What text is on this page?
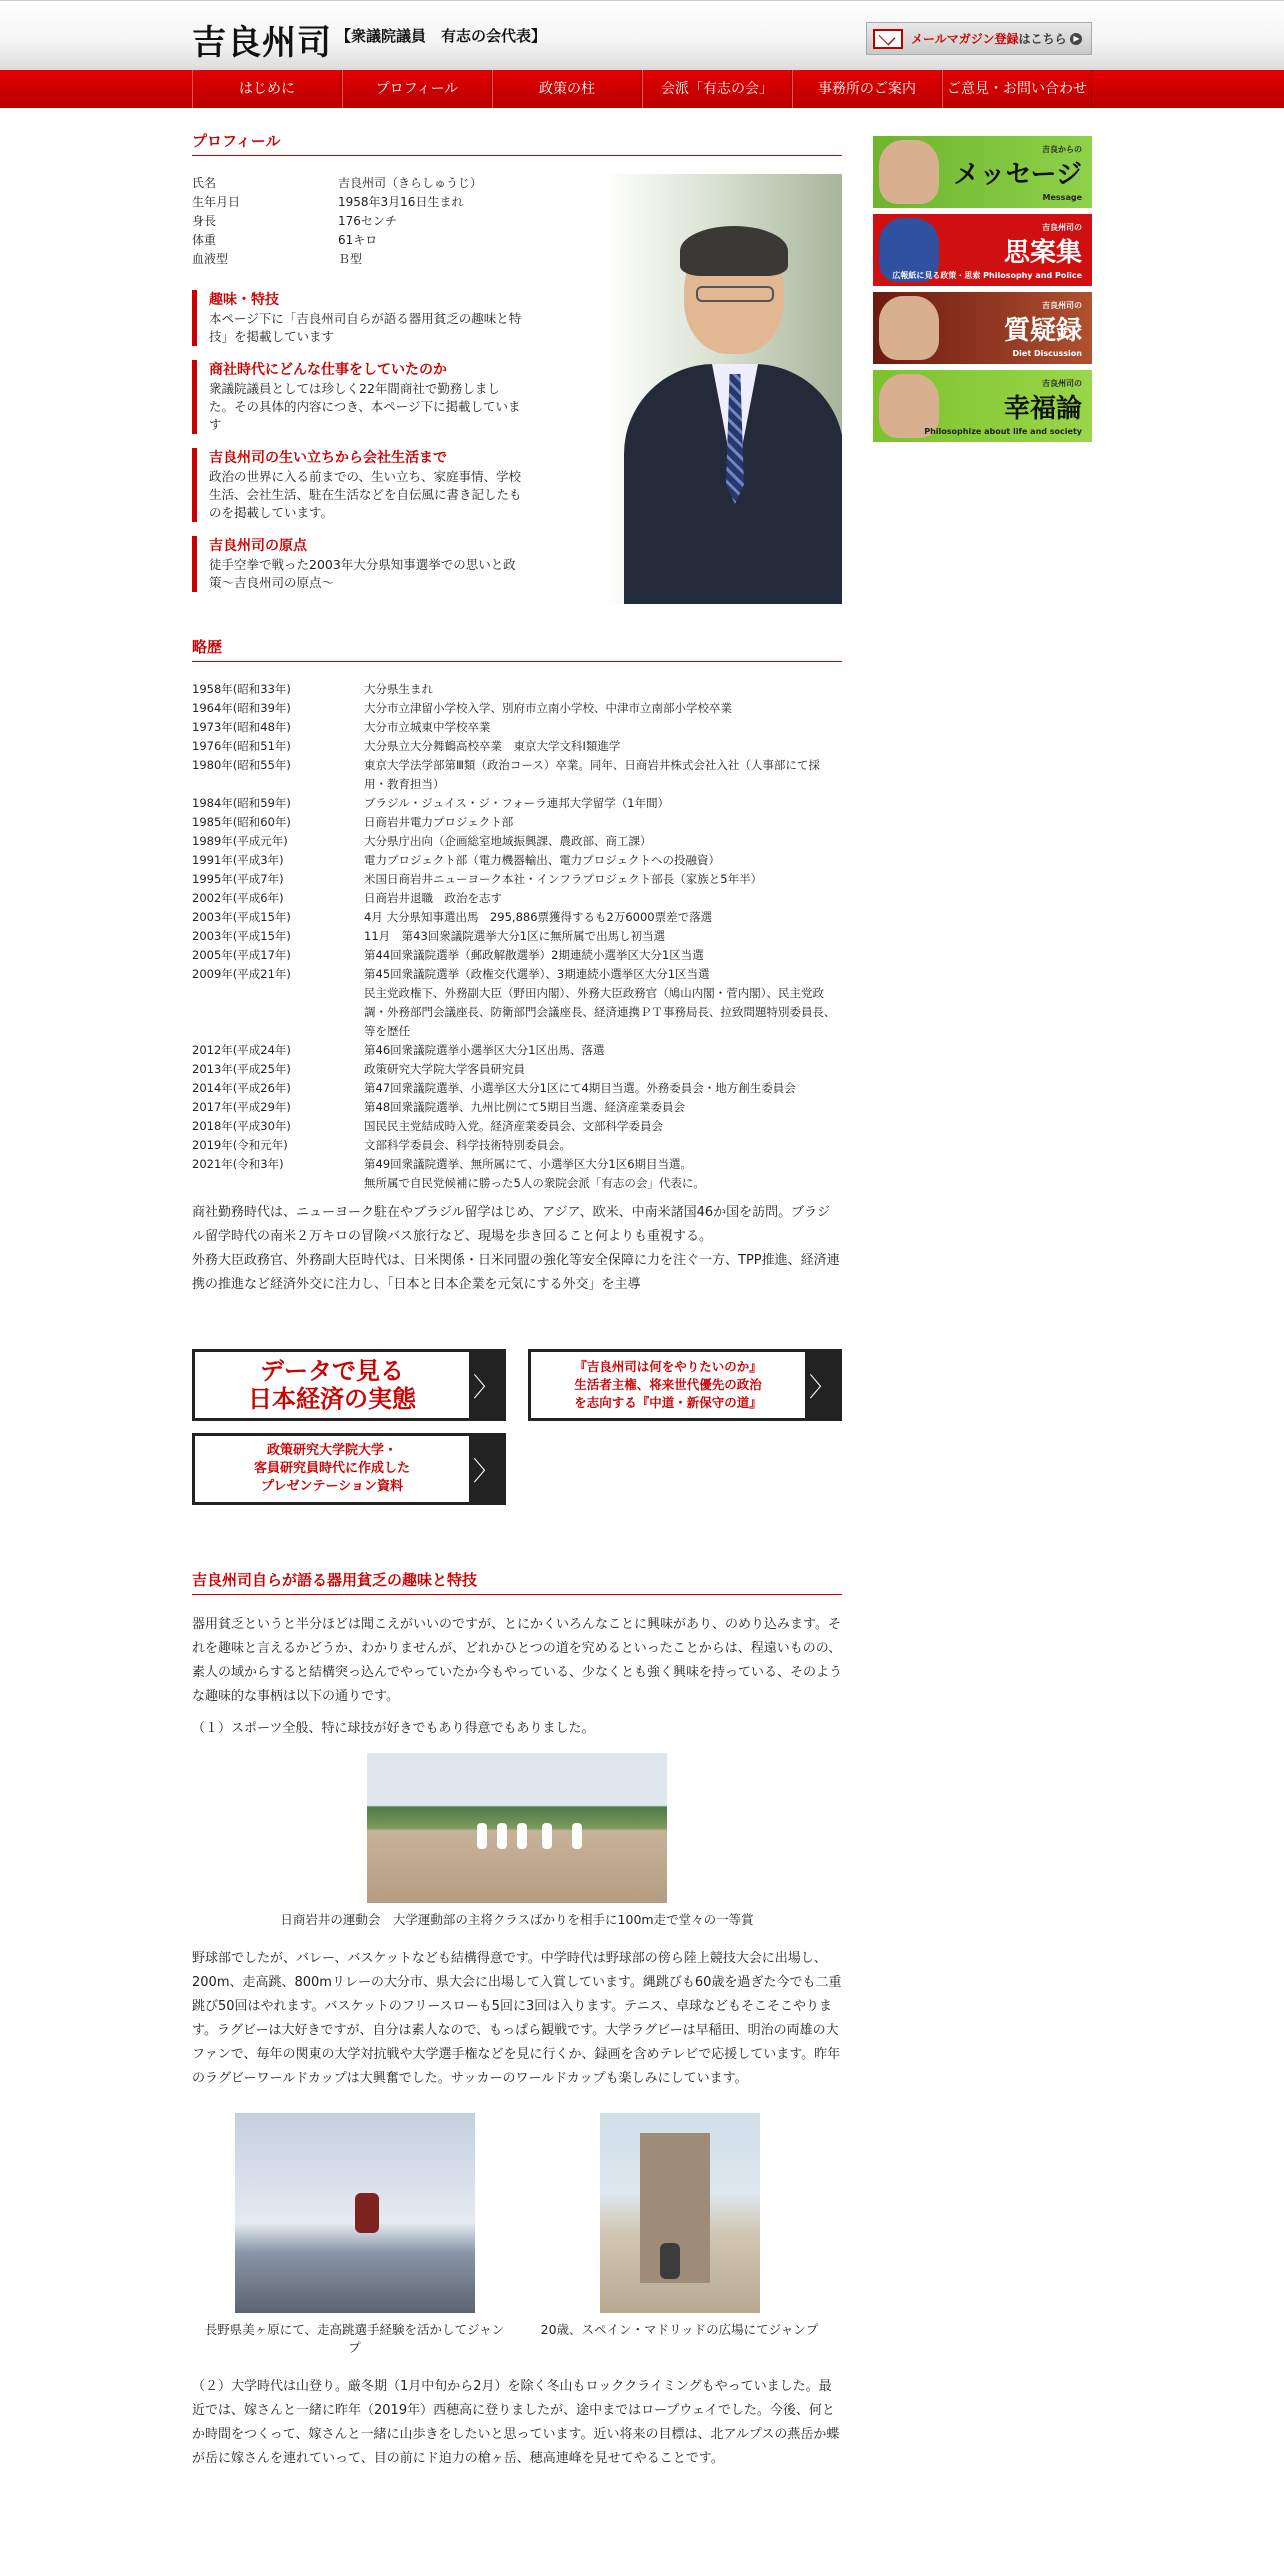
吉良州司 【衆議院議員　有志の会代表】	メールマガジン登録はこちら ▶
はじめに	プロフィール	政策の柱	会派「有志の会」	事務所のご案内	ご意見・お問い合わせ
プロフィール
氏名	吉良州司（きらしゅうじ）
生年月日	1958年3月16日生まれ
身長	176センチ
体重	61キロ
血液型	Ｂ型
趣味・特技
本ページ下に「吉良州司自らが語る器用貧乏の趣味と特技」を掲載しています
商社時代にどんな仕事をしていたのか
衆議院議員としては珍しく22年間商社で勤務しました。その具体的内容につき、本ページ下に掲載しています
吉良州司の生い立ちから会社生活まで
政治の世界に入る前までの、生い立ち、家庭事情、学校生活、会社生活、駐在生活などを自伝風に書き記したものを掲載しています。
吉良州司の原点
徒手空拳で戦った2003年大分県知事選挙での思いと政策～吉良州司の原点～
略歴
1958年(昭和33年)	大分県生まれ
1964年(昭和39年)	大分市立津留小学校入学、別府市立南小学校、中津市立南部小学校卒業
1973年(昭和48年)	大分市立城東中学校卒業
1976年(昭和51年)	大分県立大分舞鶴高校卒業　東京大学文科Ⅰ類進学
1980年(昭和55年)	東京大学法学部第Ⅲ類（政治コース）卒業。同年、日商岩井株式会社入社（人事部にて採用・教育担当）
1984年(昭和59年)	ブラジル・ジュイス・ジ・フォーラ連邦大学留学（1年間）
1985年(昭和60年)	日商岩井電力プロジェクト部
1989年(平成元年)	大分県庁出向（企画総室地域振興課、農政部、商工課）
1991年(平成3年)	電力プロジェクト部（電力機器輸出、電力プロジェクトへの投融資）
1995年(平成7年)	米国日商岩井ニューヨーク本社・インフラプロジェクト部長（家族と5年半）
2002年(平成6年)	日商岩井退職　政治を志す
2003年(平成15年)	4月 大分県知事選出馬　295,886票獲得するも2万6000票差で落選
2003年(平成15年)	11月　第43回衆議院選挙大分1区に無所属で出馬し初当選
2005年(平成17年)	第44回衆議院選挙（郵政解散選挙）2期連続小選挙区大分1区当選
2009年(平成21年)	第45回衆議院選挙（政権交代選挙）、3期連続小選挙区大分1区当選
民主党政権下、外務副大臣（野田内閣）、外務大臣政務官（鳩山内閣・菅内閣）、民主党政調・外務部門会議座長、防衛部門会議座長、経済連携ＰＴ事務局長、拉致問題特別委員長、等を歴任
2012年(平成24年)	第46回衆議院選挙小選挙区大分1区出馬、落選
2013年(平成25年)	政策研究大学院大学客員研究員
2014年(平成26年)	第47回衆議院選挙、小選挙区大分1区にて4期目当選。外務委員会・地方創生委員会
2017年(平成29年)	第48回衆議院選挙、九州比例にて5期目当選、経済産業委員会
2018年(平成30年)	国民民主党結成時入党。経済産業委員会、文部科学委員会
2019年(令和元年)	文部科学委員会、科学技術特別委員会。
2021年(令和3年)	第49回衆議院選挙、無所属にて、小選挙区大分1区6期目当選。
無所属で自民党候補に勝った5人の衆院会派「有志の会」代表に。

商社勤務時代は、ニューヨーク駐在やブラジル留学はじめ、アジア、欧米、中南米諸国46か国を訪問。ブラジル留学時代の南米２万キロの冒険バス旅行など、現場を歩き回ること何よりも重視する。

外務大臣政務官、外務副大臣時代は、日米関係・日米同盟の強化等安全保障に力を注ぐ一方、TPP推進、経済連携の推進など経済外交に注力し、「日本と日本企業を元気にする外交」を主導

データで見る
日本経済の実態	〉
『吉良州司は何をやりたいのか』
生活者主権、将来世代優先の政治
を志向する『中道・新保守の道』	〉
政策研究大学院大学・
客員研究員時代に作成した
プレゼンテーション資料	〉
吉良州司自らが語る器用貧乏の趣味と特技

器用貧乏というと半分ほどは聞こえがいいのですが、とにかくいろんなことに興味があり、のめり込みます。それを趣味と言えるかどうか、わかりませんが、どれかひとつの道を究めるといったことからは、程遠いものの、素人の域からすると結構突っ込んでやっていたか今もやっている、少なくとも強く興味を持っている、そのような趣味的な事柄は以下の通りです。

（１）スポーツ全般、特に球技が好きでもあり得意でもありました。

日商岩井の運動会　大学運動部の主将クラスばかりを相手に100m走で堂々の一等賞

野球部でしたが、バレー、バスケットなども結構得意です。中学時代は野球部の傍ら陸上競技大会に出場し、200m、走高跳、800mリレーの大分市、県大会に出場して入賞しています。縄跳びも60歳を過ぎた今でも二重跳び50回はやれます。バスケットのフリースローも5回に3回は入ります。テニス、卓球などもそこそこやります。ラグビーは大好きですが、自分は素人なので、もっぱら観戦です。大学ラグビーは早稲田、明治の両雄の大ファンで、毎年の関東の大学対抗戦や大学選手権などを見に行くか、録画を含めテレビで応援しています。昨年のラグビーワールドカップは大興奮でした。サッカーのワールドカップも楽しみにしています。

長野県美ヶ原にて、走高跳選手経験を活かしてジャンプ
20歳、スペイン・マドリッドの広場にてジャンプ

（２）大学時代は山登り。厳冬期（1月中旬から2月）を除く冬山もロッククライミングもやっていました。最近では、嫁さんと一緒に昨年（2019年）西穂高に登りましたが、途中まではロープウェイでした。今後、何とか時間をつくって、嫁さんと一緒に山歩きをしたいと思っています。近い将来の目標は、北アルプスの燕岳か蝶が岳に嫁さんを連れていって、目の前にド迫力の槍ヶ岳、穂高連峰を見せてやることです。

吉良からの
メッセージ
Message
吉良州司の
思案集
広報紙に見る政策・思索 Philosophy and Police
吉良州司の
質疑録
Diet Discussion
吉良州司の
幸福論
Philosophize about life and society
